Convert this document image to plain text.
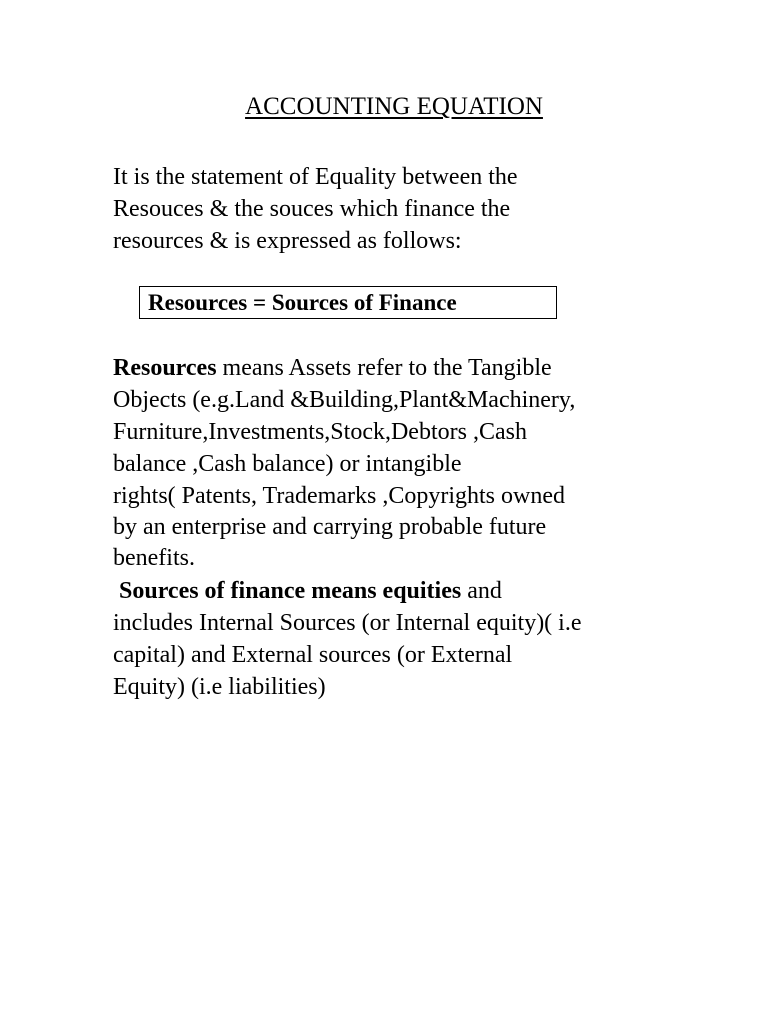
ACCOUNTING EQUATION
It is the statement of Equality between the
Resouces & the souces which finance the
resources & is expressed as follows:
Resources = Sources of Finance
Resources means Assets refer to the Tangible
Objects (e.g.Land &Building,Plant&Machinery,
Furniture,Investments,Stock,Debtors ,Cash
balance ,Cash balance) or intangible
rights( Patents, Trademarks ,Copyrights owned
by an enterprise and carrying probable future
benefits.
Sources of finance means equities and
includes Internal Sources (or Internal equity)( i.e
capital) and External sources (or External
Equity) (i.e liabilities)
